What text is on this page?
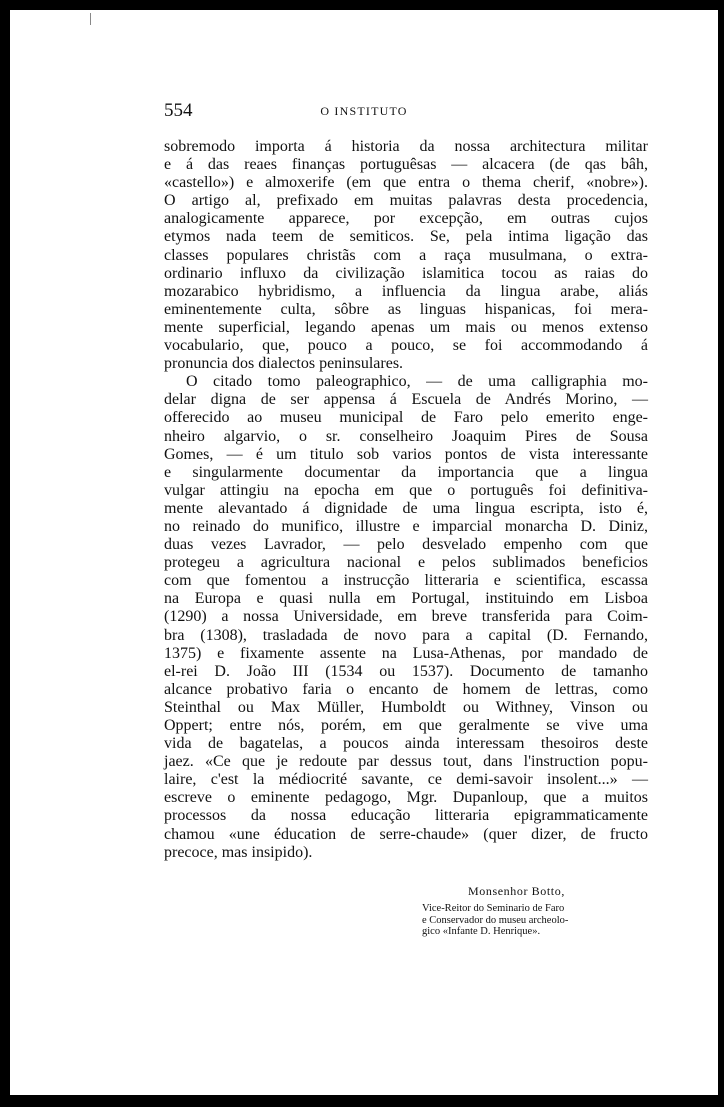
554	O INSTITUTO
sobremodo importa á historia da nossa architectura militar
e á das reaes finanças portuguêsas — alcacera (de qas bâh,
«castello») e almoxerife (em que entra o thema cherif, «nobre»).
O artigo al, prefixado em muitas palavras desta procedencia,
analogicamente apparece, por excepção, em outras cujos
etymos nada teem de semiticos. Se, pela intima ligação das
classes populares christãs com a raça musulmana, o extra-
ordinario influxo da civilização islamitica tocou as raias do
mozarabico hybridismo, a influencia da lingua arabe, aliás
eminentemente culta, sôbre as linguas hispanicas, foi mera-
mente superficial, legando apenas um mais ou menos extenso
vocabulario, que, pouco a pouco, se foi accommodando á
pronuncia dos dialectos peninsulares.
O citado tomo paleographico, — de uma calligraphia mo-
delar digna de ser appensa á Escuela de Andrés Morino, —
offerecido ao museu municipal de Faro pelo emerito enge-
nheiro algarvio, o sr. conselheiro Joaquim Pires de Sousa
Gomes, — é um titulo sob varios pontos de vista interessante
e singularmente documentar da importancia que a lingua
vulgar attingiu na epocha em que o português foi definitiva-
mente alevantado á dignidade de uma lingua escripta, isto é,
no reinado do munifico, illustre e imparcial monarcha D. Diniz,
duas vezes Lavrador, — pelo desvelado empenho com que
protegeu a agricultura nacional e pelos sublimados beneficios
com que fomentou a instrucção litteraria e scientifica, escassa
na Europa e quasi nulla em Portugal, instituindo em Lisboa
(1290) a nossa Universidade, em breve transferida para Coim-
bra (1308), trasladada de novo para a capital (D. Fernando,
1375) e fixamente assente na Lusa-Athenas, por mandado de
el-rei D. João III (1534 ou 1537). Documento de tamanho
alcance probativo faria o encanto de homem de lettras, como
Steinthal ou Max Müller, Humboldt ou Withney, Vinson ou
Oppert; entre nós, porém, em que geralmente se vive uma
vida de bagatelas, a poucos ainda interessam thesoiros deste
jaez. «Ce que je redoute par dessus tout, dans l'instruction popu-
laire, c'est la médiocrité savante, ce demi-savoir insolent...» —
escreve o eminente pedagogo, Mgr. Dupanloup, que a muitos
processos da nossa educação litteraria epigrammaticamente
chamou «une éducation de serre-chaude» (quer dizer, de fructo
precoce, mas insipido).
Monsenhor Botto,
Vice-Reitor do Seminario de Faro
e Conservador do museu archeolo-
gico «Infante D. Henrique».
